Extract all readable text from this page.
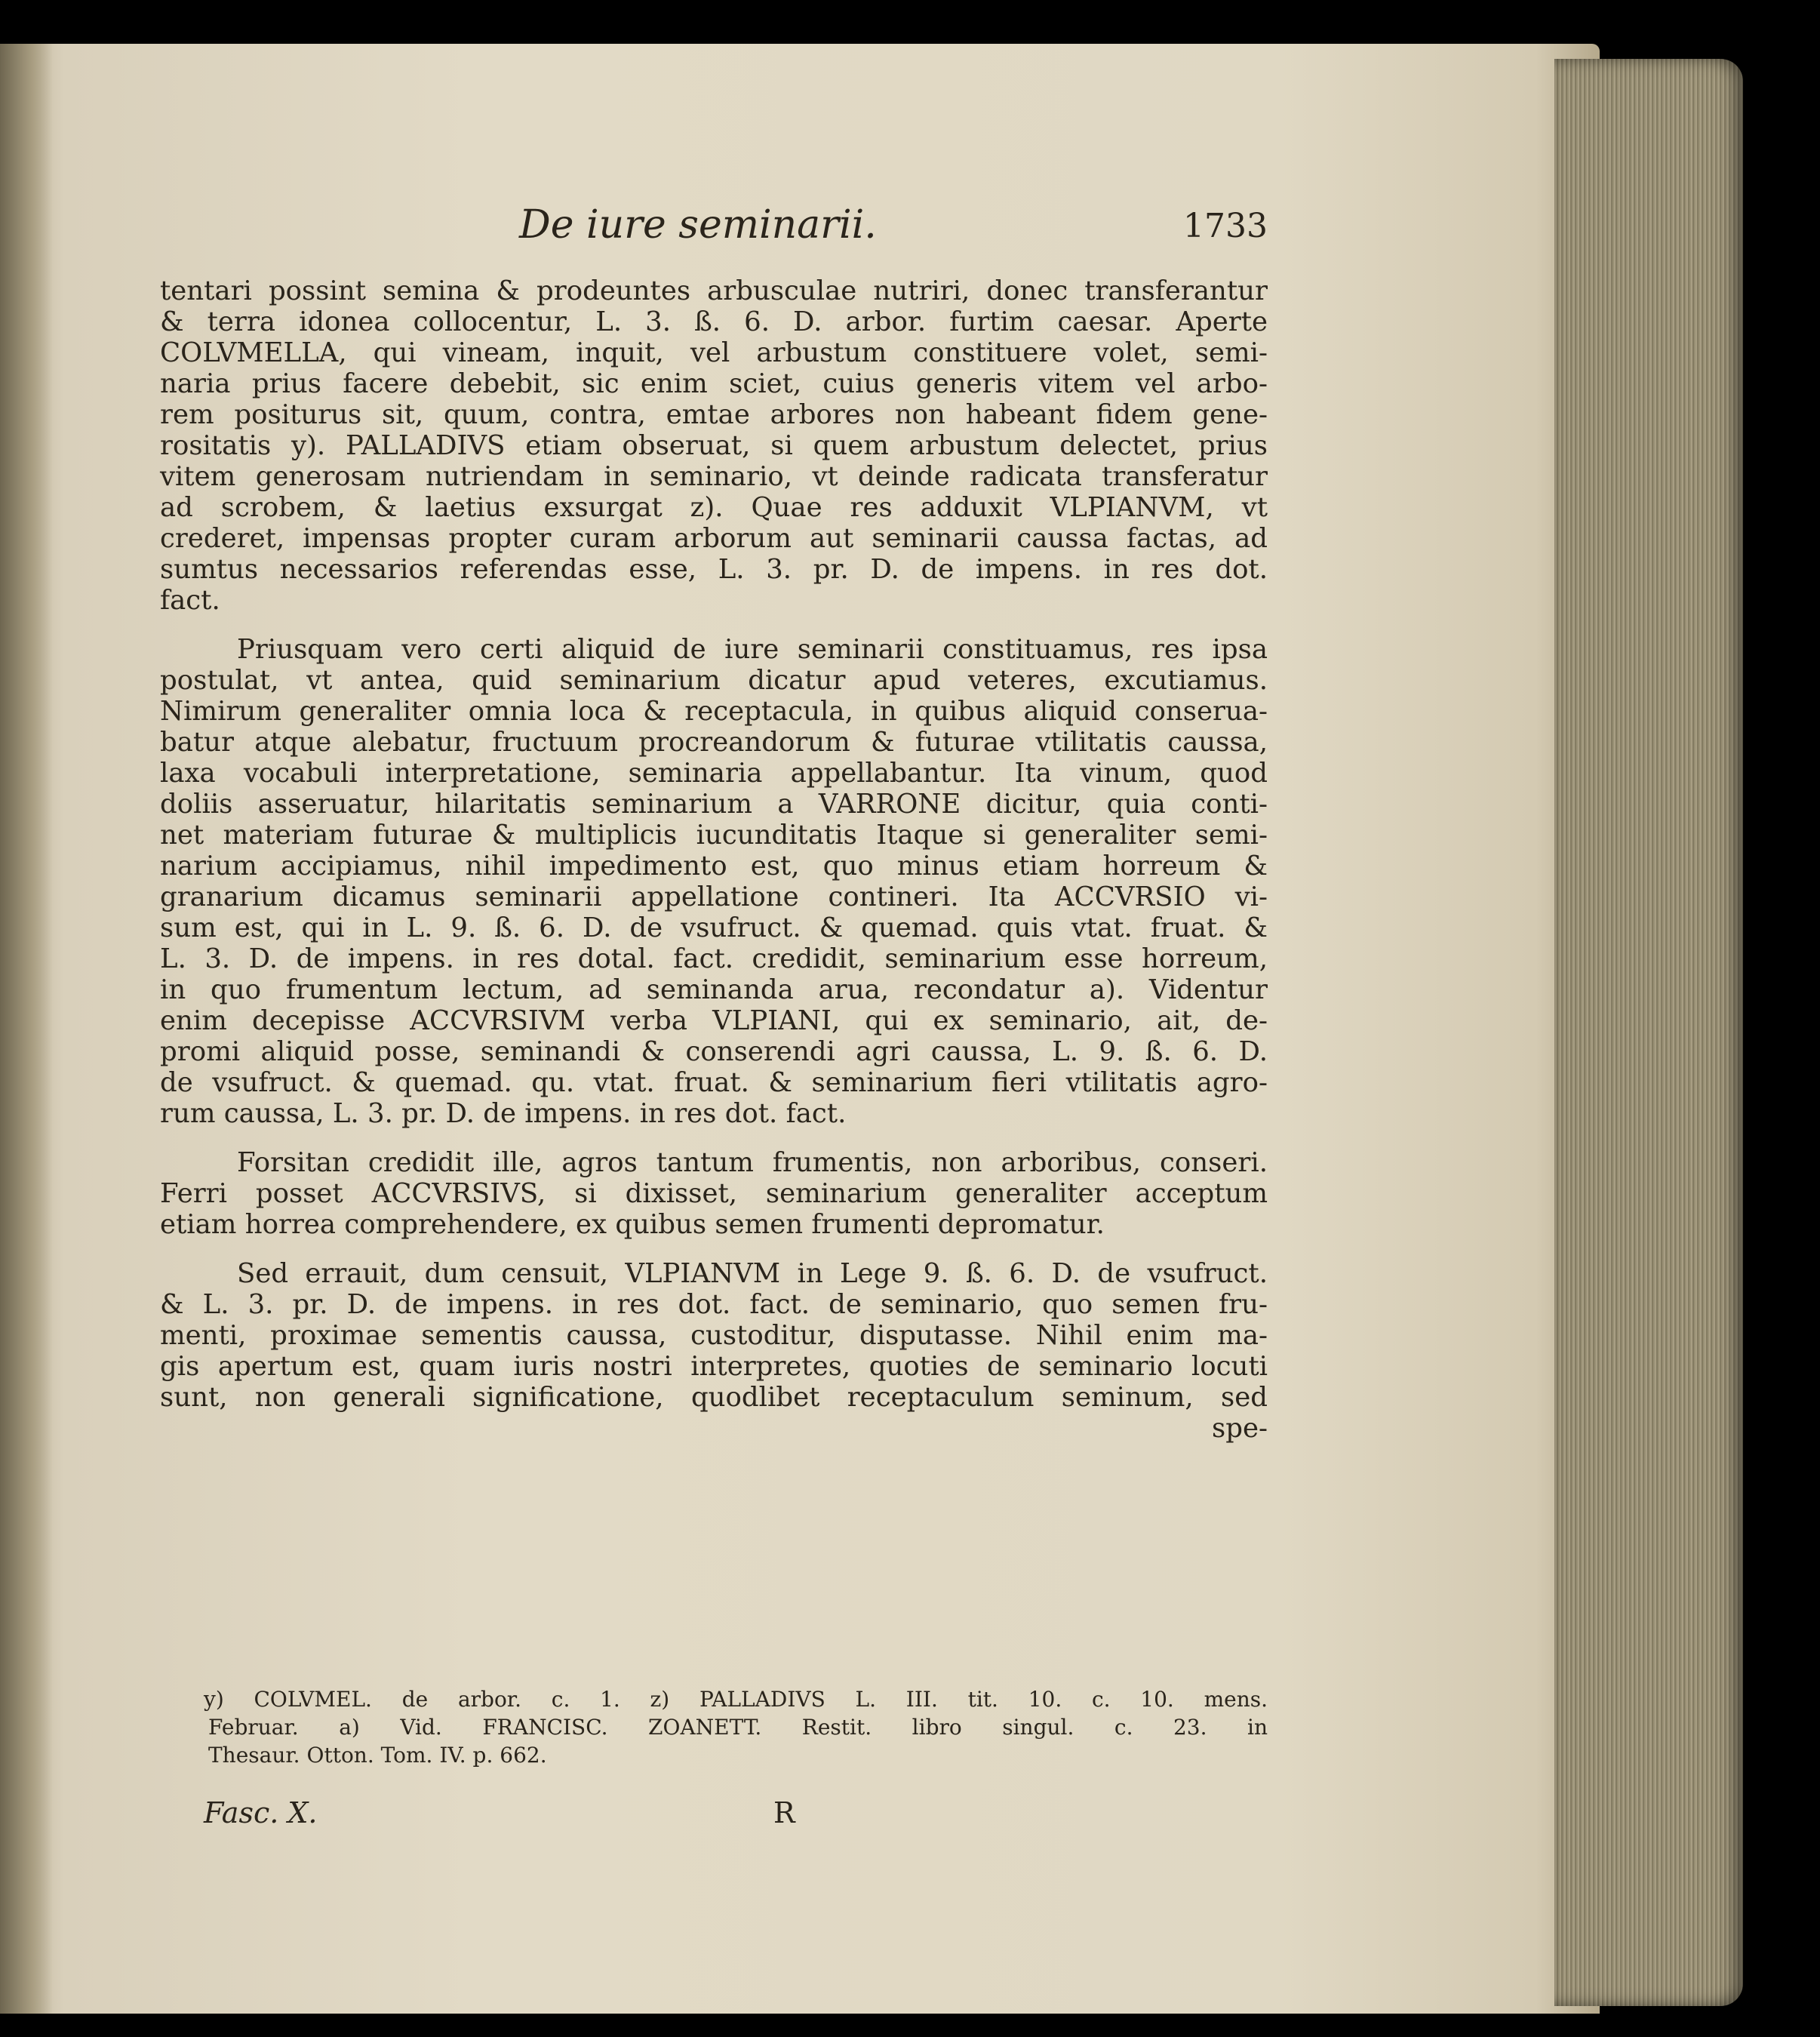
De iure seminarii.	1733
tentari possint semina & prodeuntes arbusculae nutriri, donec transferantur
& terra idonea collocentur, L. 3. ß. 6. D. arbor. furtim caesar. Aperte
COLVMELLA, qui vineam, inquit, vel arbustum constituere volet, semi-
naria prius facere debebit, sic enim sciet, cuius generis vitem vel arbo-
rem positurus sit, quum, contra, emtae arbores non habeant fidem gene-
rositatis y). PALLADIVS etiam obseruat, si quem arbustum delectet, prius
vitem generosam nutriendam in seminario, vt deinde radicata transferatur
ad scrobem, & laetius exsurgat z). Quae res adduxit VLPIANVM, vt
crederet, impensas propter curam arborum aut seminarii caussa factas, ad
sumtus necessarios referendas esse, L. 3. pr. D. de impens. in res dot.
fact.
Priusquam vero certi aliquid de iure seminarii constituamus, res ipsa
postulat, vt antea, quid seminarium dicatur apud veteres, excutiamus.
Nimirum generaliter omnia loca & receptacula, in quibus aliquid conserua-
batur atque alebatur, fructuum procreandorum & futurae vtilitatis caussa,
laxa vocabuli interpretatione, seminaria appellabantur. Ita vinum, quod
doliis asseruatur, hilaritatis seminarium a VARRONE dicitur, quia conti-
net materiam futurae & multiplicis iucunditatis Itaque si generaliter semi-
narium accipiamus, nihil impedimento est, quo minus etiam horreum &
granarium dicamus seminarii appellatione contineri. Ita ACCVRSIO vi-
sum est, qui in L. 9. ß. 6. D. de vsufruct. & quemad. quis vtat. fruat. &
L. 3. D. de impens. in res dotal. fact. credidit, seminarium esse horreum,
in quo frumentum lectum, ad seminanda arua, recondatur a). Videntur
enim decepisse ACCVRSIVM verba VLPIANI, qui ex seminario, ait, de-
promi aliquid posse, seminandi & conserendi agri caussa, L. 9. ß. 6. D.
de vsufruct. & quemad. qu. vtat. fruat. & seminarium fieri vtilitatis agro-
rum caussa, L. 3. pr. D. de impens. in res dot. fact.
Forsitan credidit ille, agros tantum frumentis, non arboribus, conseri.
Ferri posset ACCVRSIVS, si dixisset, seminarium generaliter acceptum
etiam horrea comprehendere, ex quibus semen frumenti depromatur.
Sed errauit, dum censuit, VLPIANVM in Lege 9. ß. 6. D. de vsufruct.
& L. 3. pr. D. de impens. in res dot. fact. de seminario, quo semen fru-
menti, proximae sementis caussa, custoditur, disputasse. Nihil enim ma-
gis apertum est, quam iuris nostri interpretes, quoties de seminario locuti
sunt, non generali significatione, quodlibet receptaculum seminum, sed
spe-
y) COLVMEL. de arbor. c. 1. z) PALLADIVS L. III. tit. 10. c. 10. mens.
Februar. a) Vid. FRANCISC. ZOANETT. Restit. libro singul. c. 23. in
Thesaur. Otton. Tom. IV. p. 662.
Fasc. X.	R
